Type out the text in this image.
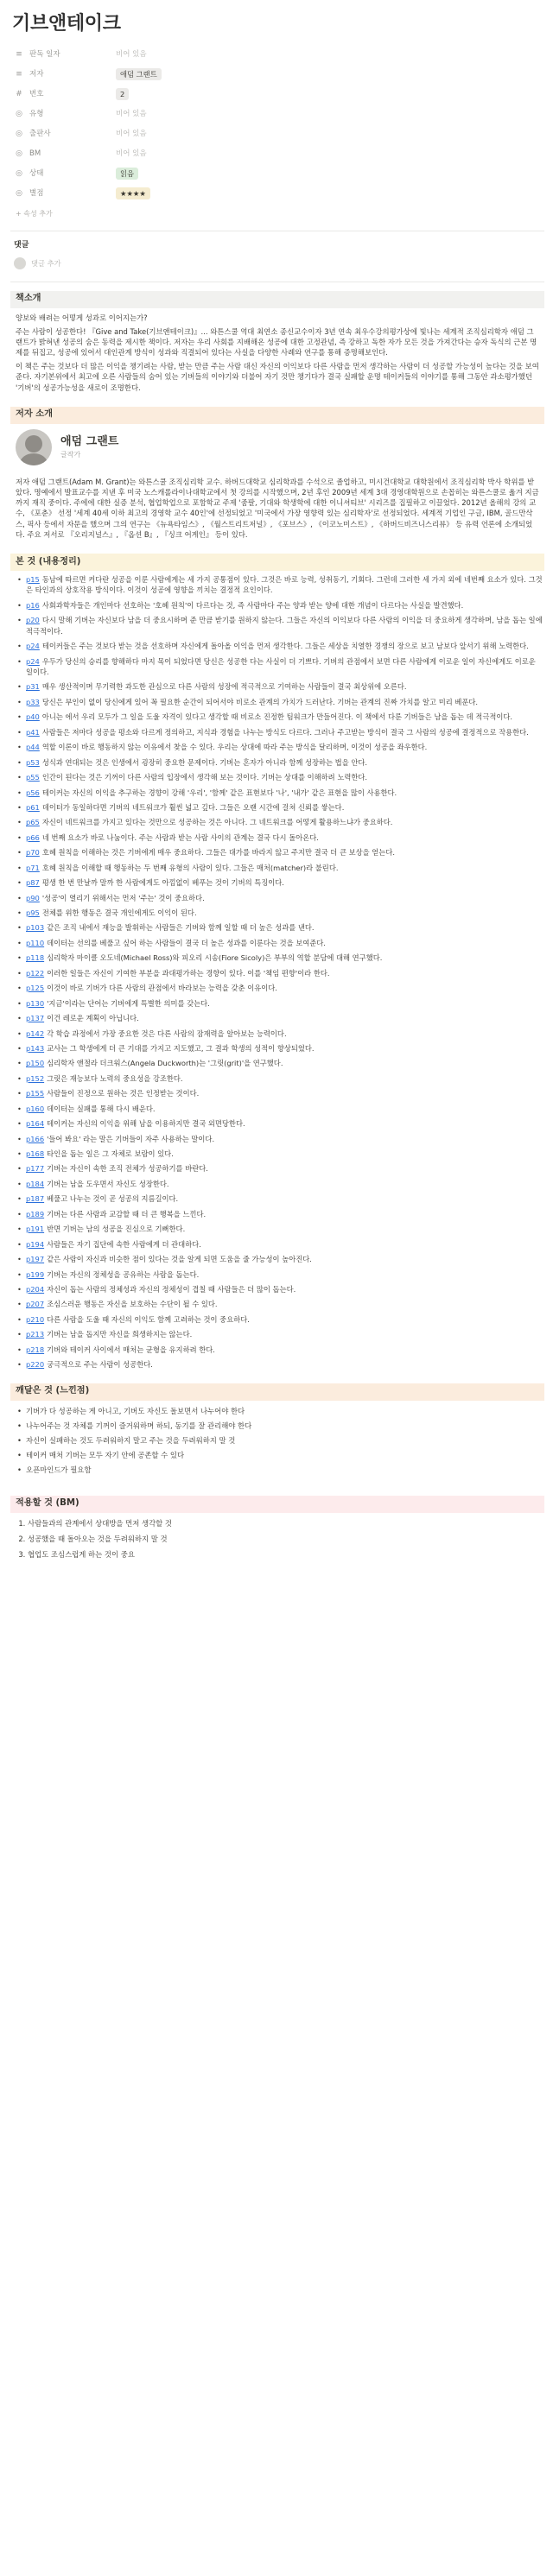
기브앤테이크
≡ 판독 일자	비어 있음
≡ 저자	애덤 그랜트
# 번호	2
◎ 유형	비어 있음
◎ 출판사	비어 있음
◎ BM	비어 있음
◎ 상태	읽음
◎ 별점	★★★★
+ 속성 추가
댓글
댓글 추가
책소개

양보와 배려는 어떻게 성과로 이어지는가?

주는 사람이 성공한다! 『Give and Take(기브앤테이크)』... 와튼스쿨 역대 최연소 종신교수이자 3년 연속 최우수강의평가상에 빛나는 세계적 조직심리학자 애덤 그랜트가 밝혀낸 성공의 숨은 동력을 제시한 책이다. 저자는 우리 사회를 지배해온 성공에 대한 고정관념, 즉 강하고 독한 자가 모든 것을 가져간다는 승자 독식의 근본 명제를 뒤집고, 성공에 있어서 대인관계 방식이 성과와 직결되어 있다는 사실을 다양한 사례와 연구를 통해 증명해보인다.

이 책은 주는 것보다 더 많은 이익을 챙기려는 사람, 받는 만큼 주는 사람 대신 자신의 이익보다 다른 사람을 먼저 생각하는 사람이 더 성공할 가능성이 높다는 것을 보여준다. 자기본위에서 최고에 오른 사람들의 숨어 있는 기버들의 이야기와 더불어 자기 것만 챙기다가 결국 실패할 운명 테이커들의 이야기를 통해 그동안 과소평가했던 '기버'의 성공가능성을 새로이 조명한다.

저자 소개
애덤 그랜트
글작가

저자 애덤 그랜트(Adam M. Grant)는 와튼스쿨 조직심리학 교수. 하버드대학교 심리학과를 수석으로 졸업하고, 미시건대학교 대학원에서 조직심리학 박사 학위를 받았다. 명예에서 발표교수를 지낸 후 미국 노스캐롤라이나대학교에서 첫 강의를 시작했으며, 2년 후인 2009년 세계 3대 경영대학원으로 손꼽히는 와튼스쿨로 옮겨 지금까지 재직 중이다. 주에에 대한 실증 분석, 협업학업으로 포함학교 주제 '줌팔, 기대와 학생학에 대한 이니셔티브' 시리즈를 집필하고 이끌었다. 2012년 올해의 강의 교수, 《포춘》 선정 '세계 40세 이하 최고의 경영학 교수 40인'에 선정되었고 '미국에서 가장 영향력 있는 심리학자'로 선정되었다. 세계적 기업인 구글, IBM, 골드만삭스, 픽사 등에서 자문을 했으며 그의 연구는 《뉴욕타임스》, 《월스트리트저널》, 《포브스》, 《이코노미스트》, 《하버드비즈니스리뷰》 등 유력 언론에 소개되었다. 주요 저서로 『오리지널스』, 『옵션 B』, 『싱크 어게인』 등이 있다.

본 것 (내용정리)
• p15 동남에 따르면 커다란 성공을 이룬 사람에게는 세 가지 공통점이 있다. 그것은 바로 능력, 성취동기, 기회다. 그런데 그러한 세 가지 외에 네번째 요소가 있다. 그것은 타인과의 상호작용 방식이다. 이것이 성공에 영향을 끼치는 결정적 요인이다.
• p16 사회과학자들은 개인마다 선호하는 '호혜 원칙'이 다르다는 것, 즉 사람마다 주는 양과 받는 양에 대한 개념이 다르다는 사실을 발견했다.
• p20 다시 말해 기버는 자신보다 남을 더 중요시하며 준 만큼 받기를 원하지 않는다. 그들은 자신의 이익보다 다른 사람의 이익을 더 중요하게 생각하며, 남을 돕는 일에 적극적이다.
• p24 테이커들은 주는 것보다 받는 것을 선호하며 자신에게 돌아올 이익을 먼저 생각한다. 그들은 세상을 치열한 경쟁의 장으로 보고 남보다 앞서기 위해 노력한다.
• p24 우두가 당신의 승리를 향해하다 마지 목이 되었다면 당신은 성공한 다는 사실이 더 기쁘다. 기버의 관점에서 보면 다른 사람에게 이로운 일이 자신에게도 이로운 일이다.
• p31 매우 생산적이며 무기력한 과도한 관심으로 다른 사람의 성장에 적극적으로 기여하는 사람들이 결국 최상위에 오른다.
• p33 당신은 부인이 없이 당신에게 있어 꼭 필요한 순간이 되어서야 비로소 관계의 가치가 드러난다. 기버는 관계의 진짜 가치를 알고 미리 베푼다.
• p40 아니는 에서 우리 모두가 그 일을 도울 자격이 있다고 생각할 때 비로소 진정한 팀워크가 만들어진다. 이 책에서 다룬 기버들은 남을 돕는 데 적극적이다.
• p41 사람들은 저마다 성공을 평소와 다르게 정의하고, 지식과 경험을 나누는 방식도 다르다. 그러나 주고받는 방식이 결국 그 사람의 성공에 결정적으로 작용한다.
• p44 역할 이론이 바로 행동하지 않는 이유에서 찾을 수 있다. 우리는 상대에 따라 주는 방식을 달리하며, 이것이 성공을 좌우한다.
• p53 성식과 연대되는 것은 인생에서 굉장히 중요한 문제이다. 기버는 혼자가 아니라 함께 성장하는 법을 안다.
• p55 인간이 된다는 것은 기꺼이 다른 사람의 입장에서 생각해 보는 것이다. 기버는 상대를 이해하려 노력한다.
• p56 테이커는 자신의 이익을 추구하는 경향이 강해 '우리', '함께' 같은 표현보다 '나', '내가' 같은 표현을 많이 사용한다.
• p61 데이터가 동일하다면 기버의 네트워크가 훨씬 넓고 깊다. 그들은 오랜 시간에 걸쳐 신뢰를 쌓는다.
• p65 자신이 네트워크를 가지고 있다는 것만으로 성공하는 것은 아니다. 그 네트워크를 어떻게 활용하느냐가 중요하다.
• p66 네 번째 요소가 바로 나눔이다. 주는 사람과 받는 사람 사이의 관계는 결국 다시 돌아온다.
• p70 호혜 원칙을 이해하는 것은 기버에게 매우 중요하다. 그들은 대가를 바라지 않고 주지만 결국 더 큰 보상을 얻는다.
• p71 호혜 원칙을 이해할 때 행동하는 두 번째 유형의 사람이 있다. 그들은 매처(matcher)라 불린다.
• p87 평생 한 번 만날까 말까 한 사람에게도 아낌없이 베푸는 것이 기버의 특징이다.
• p90 '성공'이 열리기 위해서는 먼저 '주는' 것이 중요하다.
• p95 전체를 위한 행동은 결국 개인에게도 이익이 된다.
• p103 같은 조직 내에서 재능을 발휘하는 사람들은 기버와 함께 일할 때 더 높은 성과를 낸다.
• p110 데이터는 선의를 베풀고 싶어 하는 사람들이 결국 더 높은 성과를 이룬다는 것을 보여준다.
• p118 심리학자 마이클 오도네(Michael Ross)와 피오리 시송(Fiore Sicoly)은 부부의 역할 분담에 대해 연구했다.
• p122 이러한 일들은 자신이 기여한 부분을 과대평가하는 경향이 있다. 이를 '책임 편향'이라 한다.
• p125 이것이 바로 기버가 다른 사람의 관점에서 바라보는 능력을 갖춘 이유이다.
• p130 '지금'이라는 단어는 기버에게 특별한 의미를 갖는다.
• p137 이건 레로운 계획이 아닙니다.
• p142 각 학습 과정에서 가장 중요한 것은 다른 사람의 잠재력을 알아보는 능력이다.
• p143 교사는 그 학생에게 더 큰 기대를 가지고 지도했고, 그 결과 학생의 성적이 향상되었다.
• p150 심리학자 앤절라 더크워스(Angela Duckworth)는 '그릿(grit)'을 연구했다.
• p152 그릿은 재능보다 노력의 중요성을 강조한다.
• p155 사람들이 진정으로 원하는 것은 인정받는 것이다.
• p160 데이터는 실패를 통해 다시 배운다.
• p164 테이커는 자신의 이익을 위해 남을 이용하지만 결국 외면당한다.
• p166 '들어 봐요' 라는 말은 기버들이 자주 사용하는 말이다.
• p168 타인을 돕는 일은 그 자체로 보람이 있다.
• p177 기버는 자신이 속한 조직 전체가 성공하기를 바란다.
• p184 기버는 남을 도우면서 자신도 성장한다.
• p187 베풀고 나누는 것이 곧 성공의 지름길이다.
• p189 기버는 다른 사람과 교감할 때 더 큰 행복을 느낀다.
• p191 반면 기버는 남의 성공을 진심으로 기뻐한다.
• p194 사람들은 자기 집단에 속한 사람에게 더 관대하다.
• p197 같은 사람이 자신과 비슷한 점이 있다는 것을 알게 되면 도움을 줄 가능성이 높아진다.
• p199 기버는 자신의 정체성을 공유하는 사람을 돕는다.
• p204 자신이 돕는 사람의 정체성과 자신의 정체성이 겹칠 때 사람들은 더 많이 돕는다.
• p207 조심스러운 행동은 자신을 보호하는 수단이 될 수 있다.
• p210 다른 사람을 도울 때 자신의 이익도 함께 고려하는 것이 중요하다.
• p213 기버는 남을 돕지만 자신을 희생하지는 않는다.
• p218 기버와 테이커 사이에서 매처는 균형을 유지하려 한다.
• p220 궁극적으로 주는 사람이 성공한다.
깨달은 것 (느낀점)
• 기버가 다 성공하는 게 아니고, 기버도 자신도 돌보면서 나누어야 한다
• 나누어주는 것 자체를 기꺼이 즐거워하며 하되, 동기를 잘 관리해야 한다
• 자신이 실패하는 것도 두려워하지 말고 주는 것을 두려워하지 말 것
• 테이커 매처 기버는 모두 자기 안에 공존할 수 있다
• 오픈마인드가 필요함
적용할 것 (BM)
1. 사람들과의 관계에서 상대방을 먼저 생각할 것
2. 성공했을 때 돌아오는 것을 두려워하지 말 것
3. 협업도 조심스럽게 하는 것이 중요
